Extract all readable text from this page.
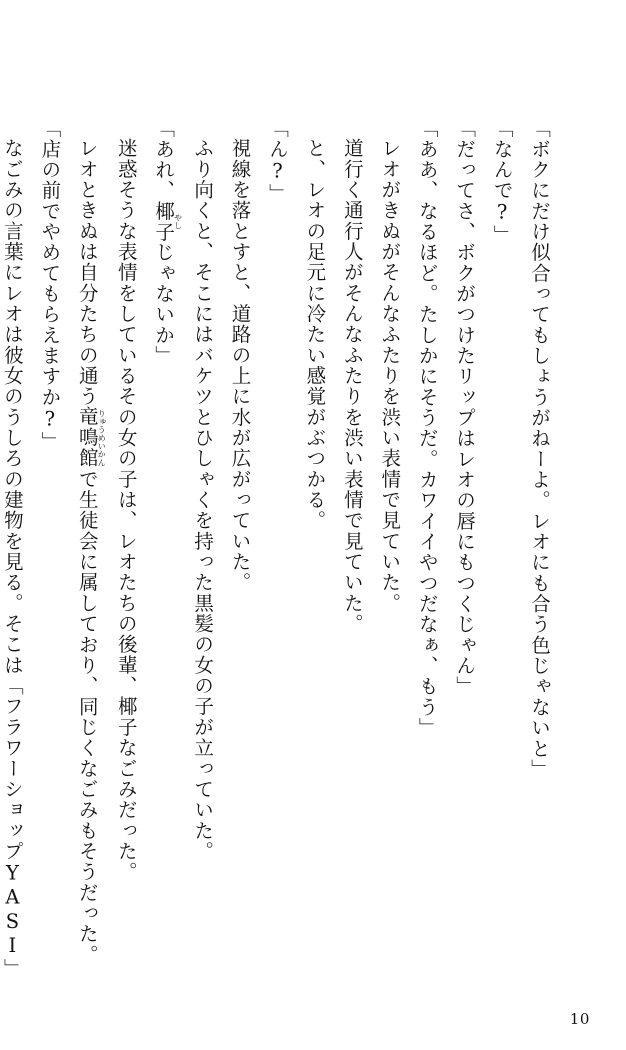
「ボクにだけ似合ってもしょうがねーよ。レオにも合う色じゃないと」

「なんで?」

「だってさ、ボクがつけたリップはレオの唇にもつくじゃん」

「ああ、なるほど。たしかにそうだ。カワイイやつだなぁ、もう」

レオがきぬがそんなふたりを渋い表情で見ていた。

道行く通行人がそんなふたりを渋い表情で見ていた。

と、レオの足元に冷たい感覚がぶつかる。

「ん?」

視線を落とすと、道路の上に水が広がっていた。

ふり向くと、そこにはバケツとひしゃくを持った黒髪の女の子が立っていた。

「あれ、椰子やしじゃないか」

迷惑そうな表情をしているその女の子は、レオたちの後輩、椰子なごみだった。

レオときぬは自分たちの通う竜鳴館りゅうめいかんで生徒会に属しており、同じくなごみもそうだった。

「店の前でやめてもらえますか?」

なごみの言葉にレオは彼女のうしろの建物を見る。そこは「フラワーショップYASI」

10
